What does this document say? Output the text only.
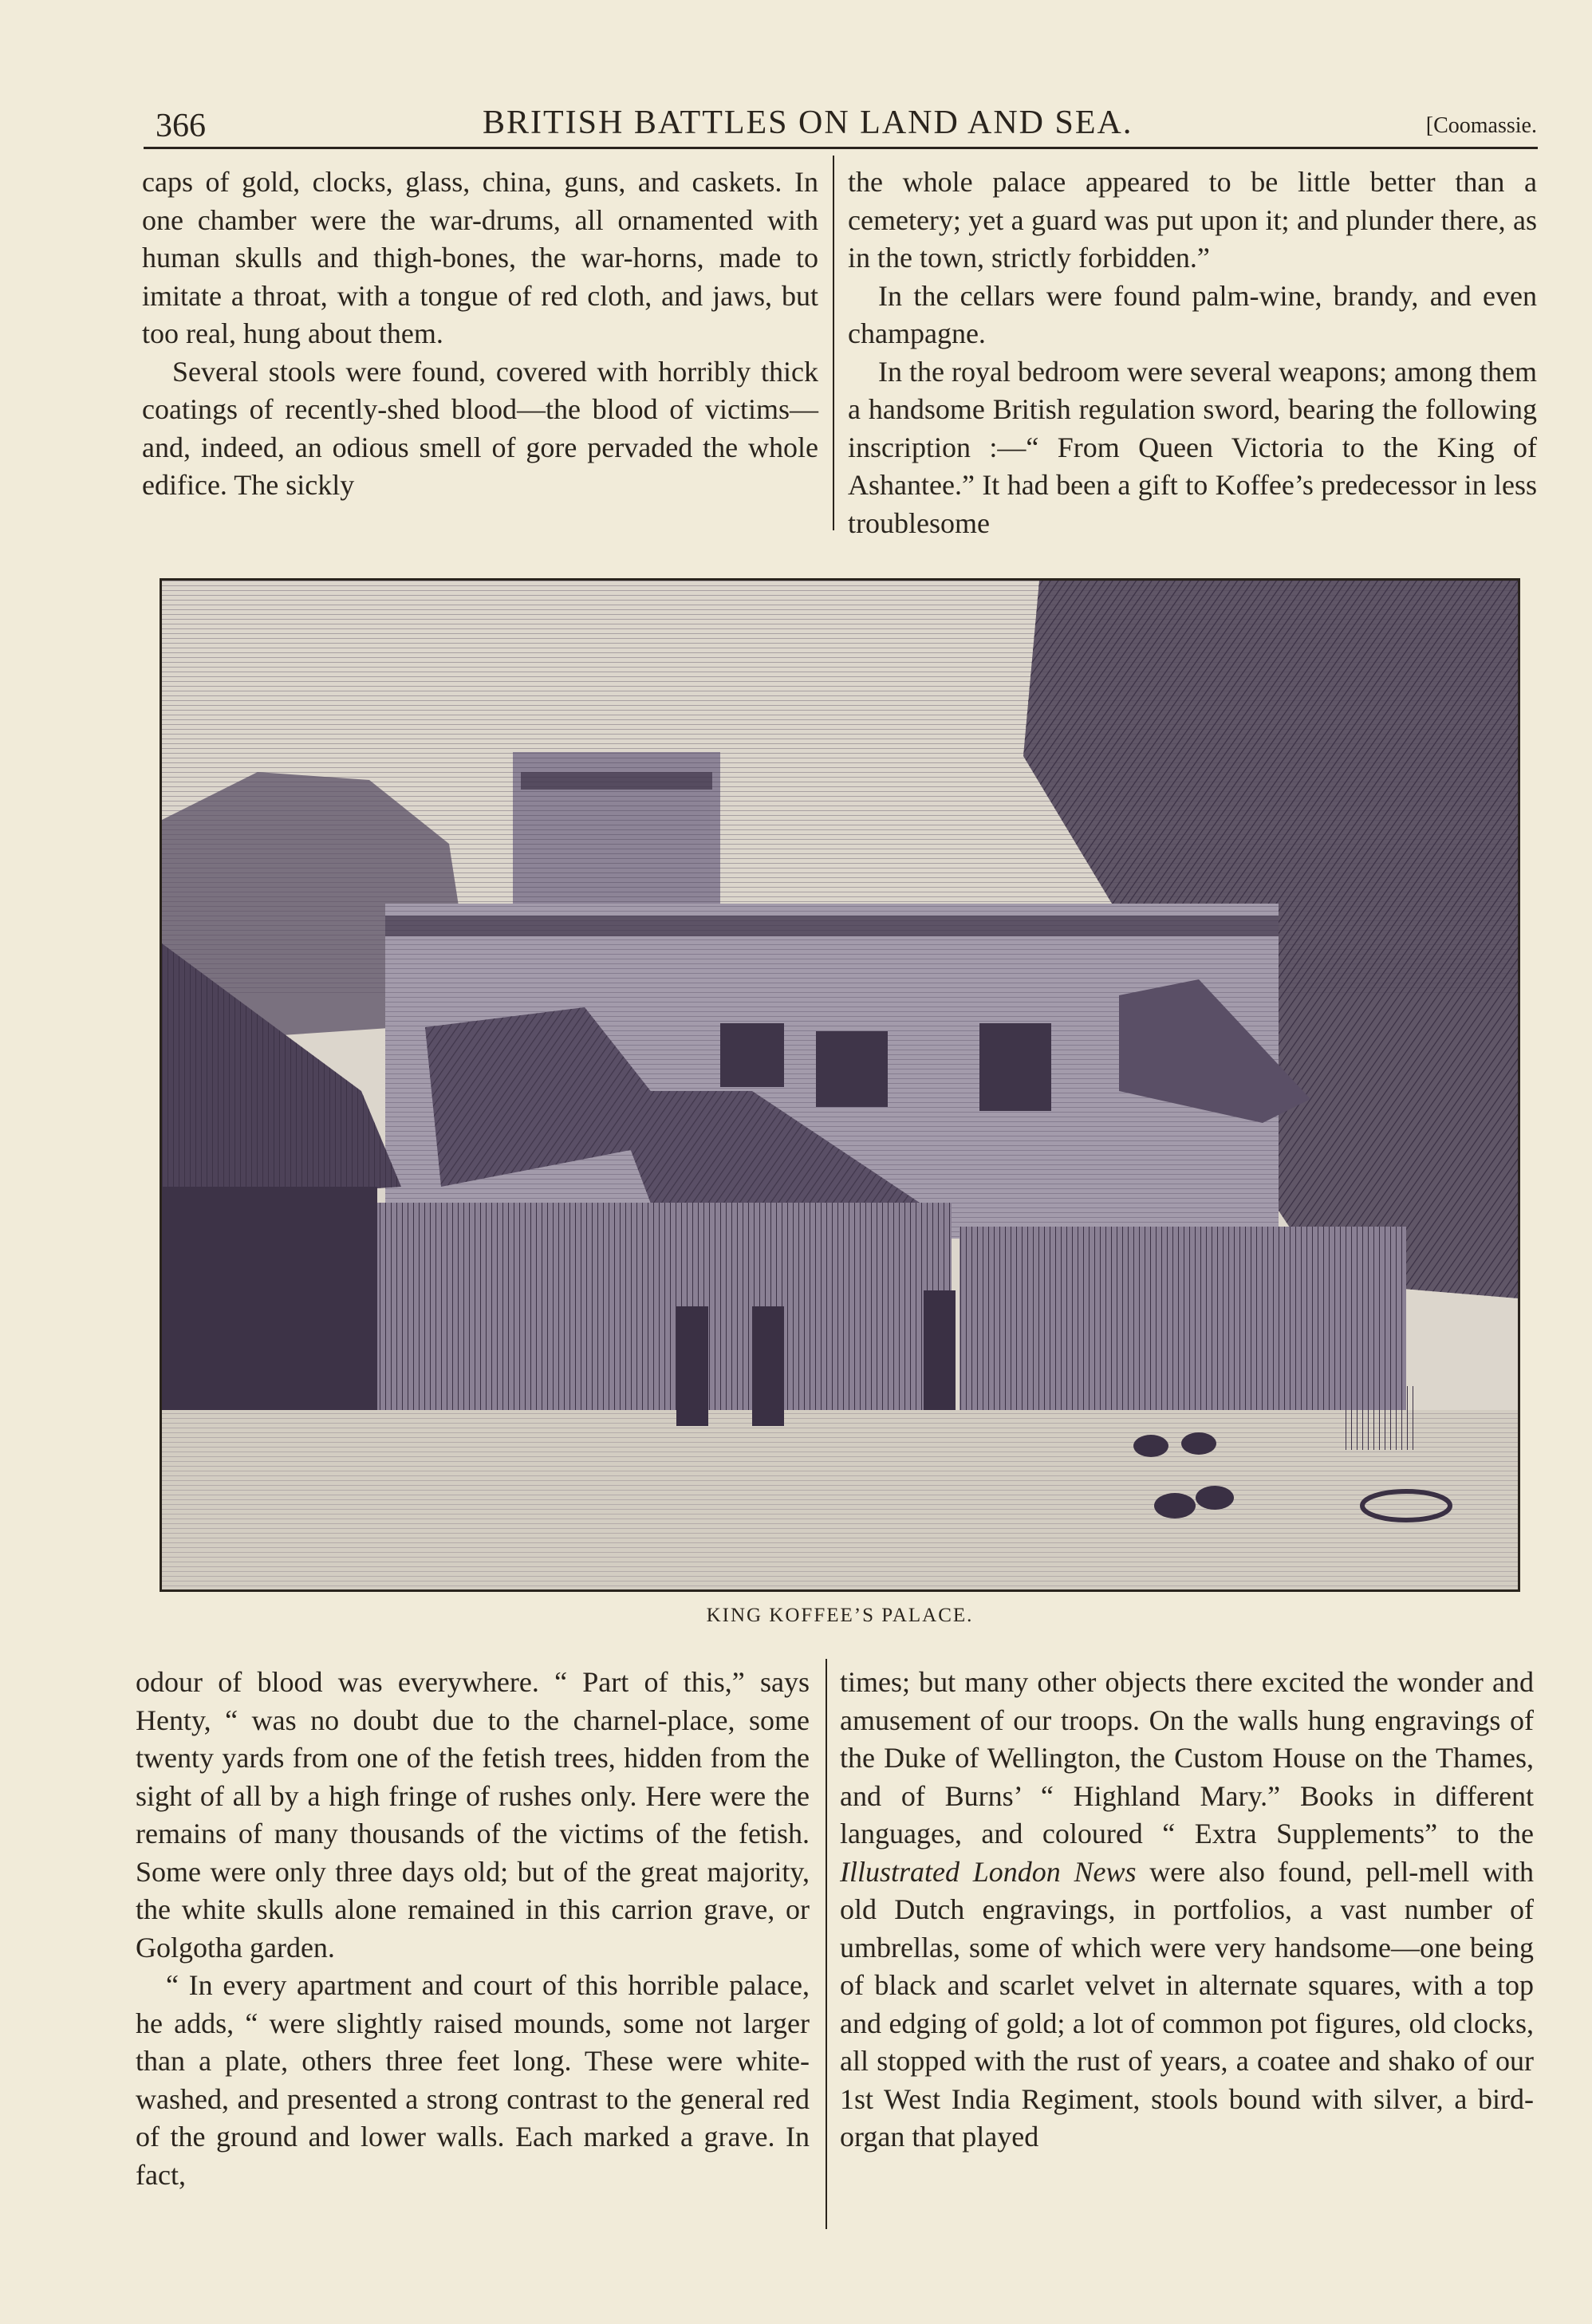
366	BRITISH BATTLES ON LAND AND SEA.	[Coomassie.

caps of gold, clocks, glass, china, guns, and caskets. In one chamber were the war-drums, all ornamented with human skulls and thigh-bones, the war-horns, made to imitate a throat, with a tongue of red cloth, and jaws, but too real, hung about them.

Several stools were found, covered with horribly thick coatings of recently-shed blood—the blood of victims—and, indeed, an odious smell of gore pervaded the whole edifice. The sickly

the whole palace appeared to be little better than a cemetery; yet a guard was put upon it; and plunder there, as in the town, strictly forbidden.”

In the cellars were found palm-wine, brandy, and even champagne.

In the royal bedroom were several weapons; among them a handsome British regulation sword, bearing the following inscription :—“ From Queen Victoria to the King of Ashantee.” It had been a gift to Koffee’s predecessor in less troublesome

KING KOFFEE’S PALACE.

odour of blood was everywhere. “ Part of this,” says Henty, “ was no doubt due to the charnel-place, some twenty yards from one of the fetish trees, hidden from the sight of all by a high fringe of rushes only. Here were the remains of many thousands of the victims of the fetish. Some were only three days old; but of the great majority, the white skulls alone remained in this carrion grave, or Golgotha garden.

“ In every apartment and court of this horrible palace, he adds, “ were slightly raised mounds, some not larger than a plate, others three feet long. These were white-washed, and presented a strong contrast to the general red of the ground and lower walls. Each marked a grave. In fact,

times; but many other objects there excited the wonder and amusement of our troops. On the walls hung engravings of the Duke of Wellington, the Custom House on the Thames, and of Burns’ “ Highland Mary.” Books in different languages, and coloured “ Extra Supplements” to the Illustrated London News were also found, pell-mell with old Dutch engravings, in portfolios, a vast number of umbrellas, some of which were very handsome—one being of black and scarlet velvet in alternate squares, with a top and edging of gold; a lot of common pot figures, old clocks, all stopped with the rust of years, a coatee and shako of our 1st West India Regiment, stools bound with silver, a bird-organ that played
